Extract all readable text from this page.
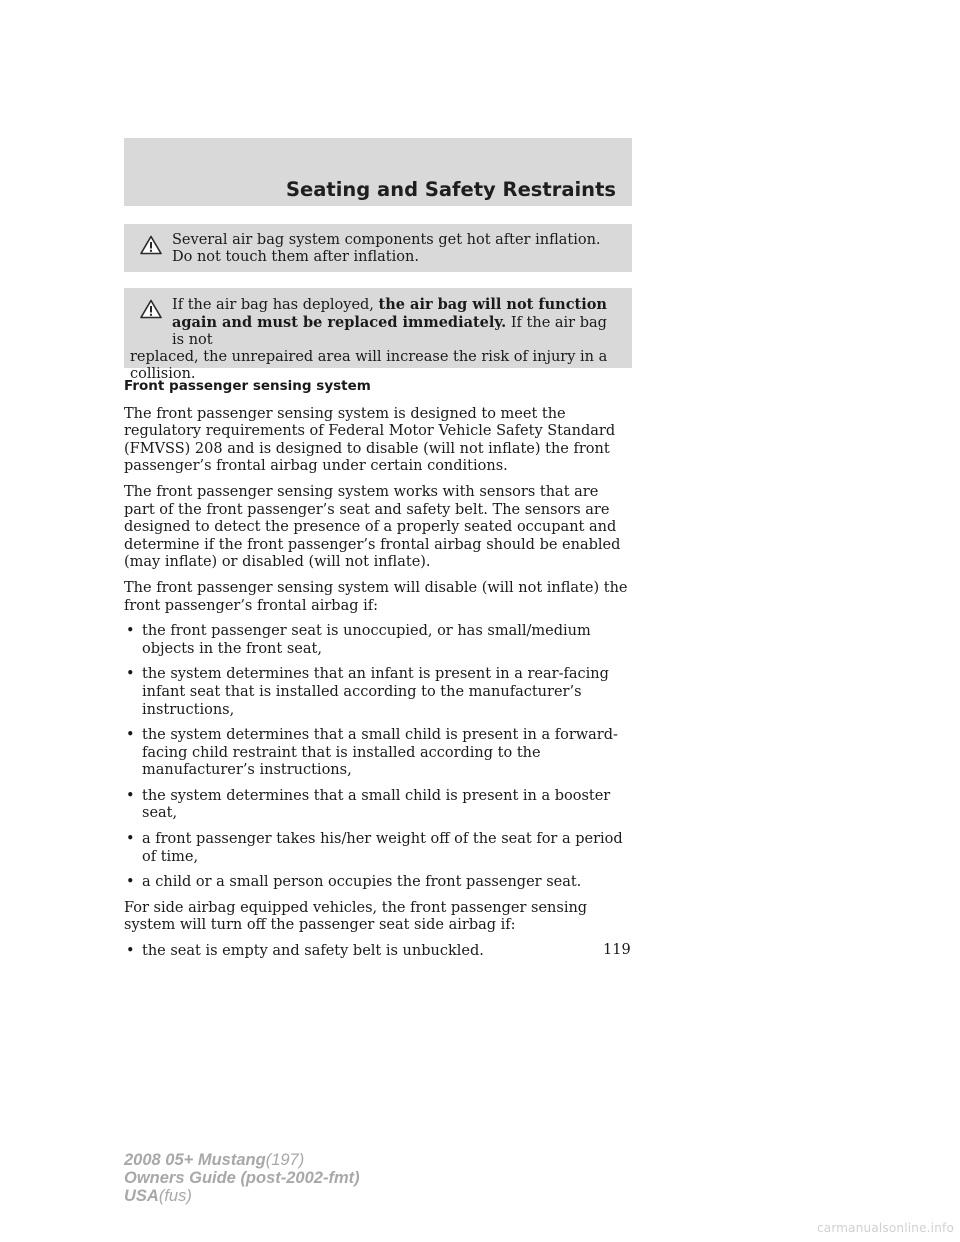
Seating and Safety Restraints
Several air bag system components get hot after inflation. Do not touch them after inflation.
If the air bag has deployed, the air bag will not function again and must be replaced immediately. If the air bag is not
replaced, the unrepaired area will increase the risk of injury in a collision.
Front passenger sensing system

The front passenger sensing system is designed to meet the regulatory requirements of Federal Motor Vehicle Safety Standard (FMVSS) 208 and is designed to disable (will not inflate) the front passenger’s frontal airbag under certain conditions.

The front passenger sensing system works with sensors that are part of the front passenger’s seat and safety belt. The sensors are designed to detect the presence of a properly seated occupant and determine if the front passenger’s frontal airbag should be enabled (may inflate) or disabled (will not inflate).

The front passenger sensing system will disable (will not inflate) the front passenger’s frontal airbag if:

• the front passenger seat is unoccupied, or has small/medium objects in the front seat,
• the system determines that an infant is present in a rear-facing infant seat that is installed according to the manufacturer’s instructions,
• the system determines that a small child is present in a forward-facing child restraint that is installed according to the manufacturer’s instructions,
• the system determines that a small child is present in a booster seat,
• a front passenger takes his/her weight off of the seat for a period of time,
• a child or a small person occupies the front passenger seat.

For side airbag equipped vehicles, the front passenger sensing system will turn off the passenger seat side airbag if:

• the seat is empty and safety belt is unbuckled.	119
2008 05+ Mustang(197)
Owners Guide (post-2002-fmt)
USA(fus)
carmanualsonline.info
